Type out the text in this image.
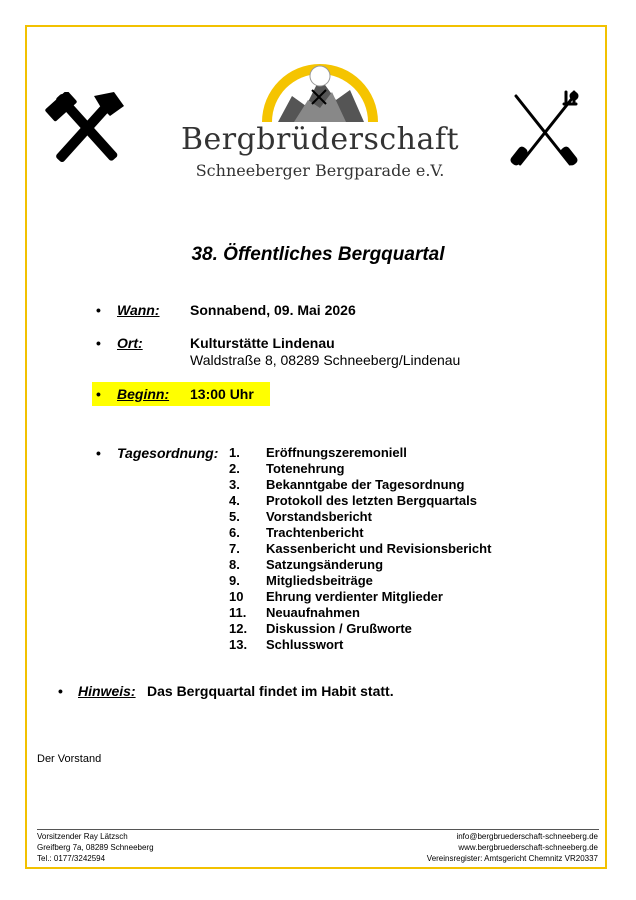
Bergbrüderschaft
Schneeberger Bergparade e.V.
38. Öffentliches Bergquartal
• Wann: Sonnabend, 09. Mai 2026
• Ort:	Kulturstätte Lindenau
Waldstraße 8, 08289 Schneeberg/Lindenau
• Beginn: 13:00 Uhr
• Tagesordnung: 1. Eröffnungszeremoniell
2. Totenehrung
3. Bekanntgabe der Tagesordnung
4. Protokoll des letzten Bergquartals
5. Vorstandsbericht
6. Trachtenbericht
7. Kassenbericht und Revisionsbericht
8. Satzungsänderung
9. Mitgliedsbeiträge
10 Ehrung verdienter Mitglieder
11. Neuaufnahmen
12. Diskussion / Grußworte
13. Schlusswort
• Hinweis: Das Bergquartal findet im Habit statt.
Der Vorstand
Vorsitzender Ray Lätzsch
Greifberg 7a, 08289 Schneeberg
Tel.: 0177/3242594
info@bergbruederschaft-schneeberg.de
www.bergbruederschaft-schneeberg.de
Vereinsregister: Amtsgericht Chemnitz VR20337
